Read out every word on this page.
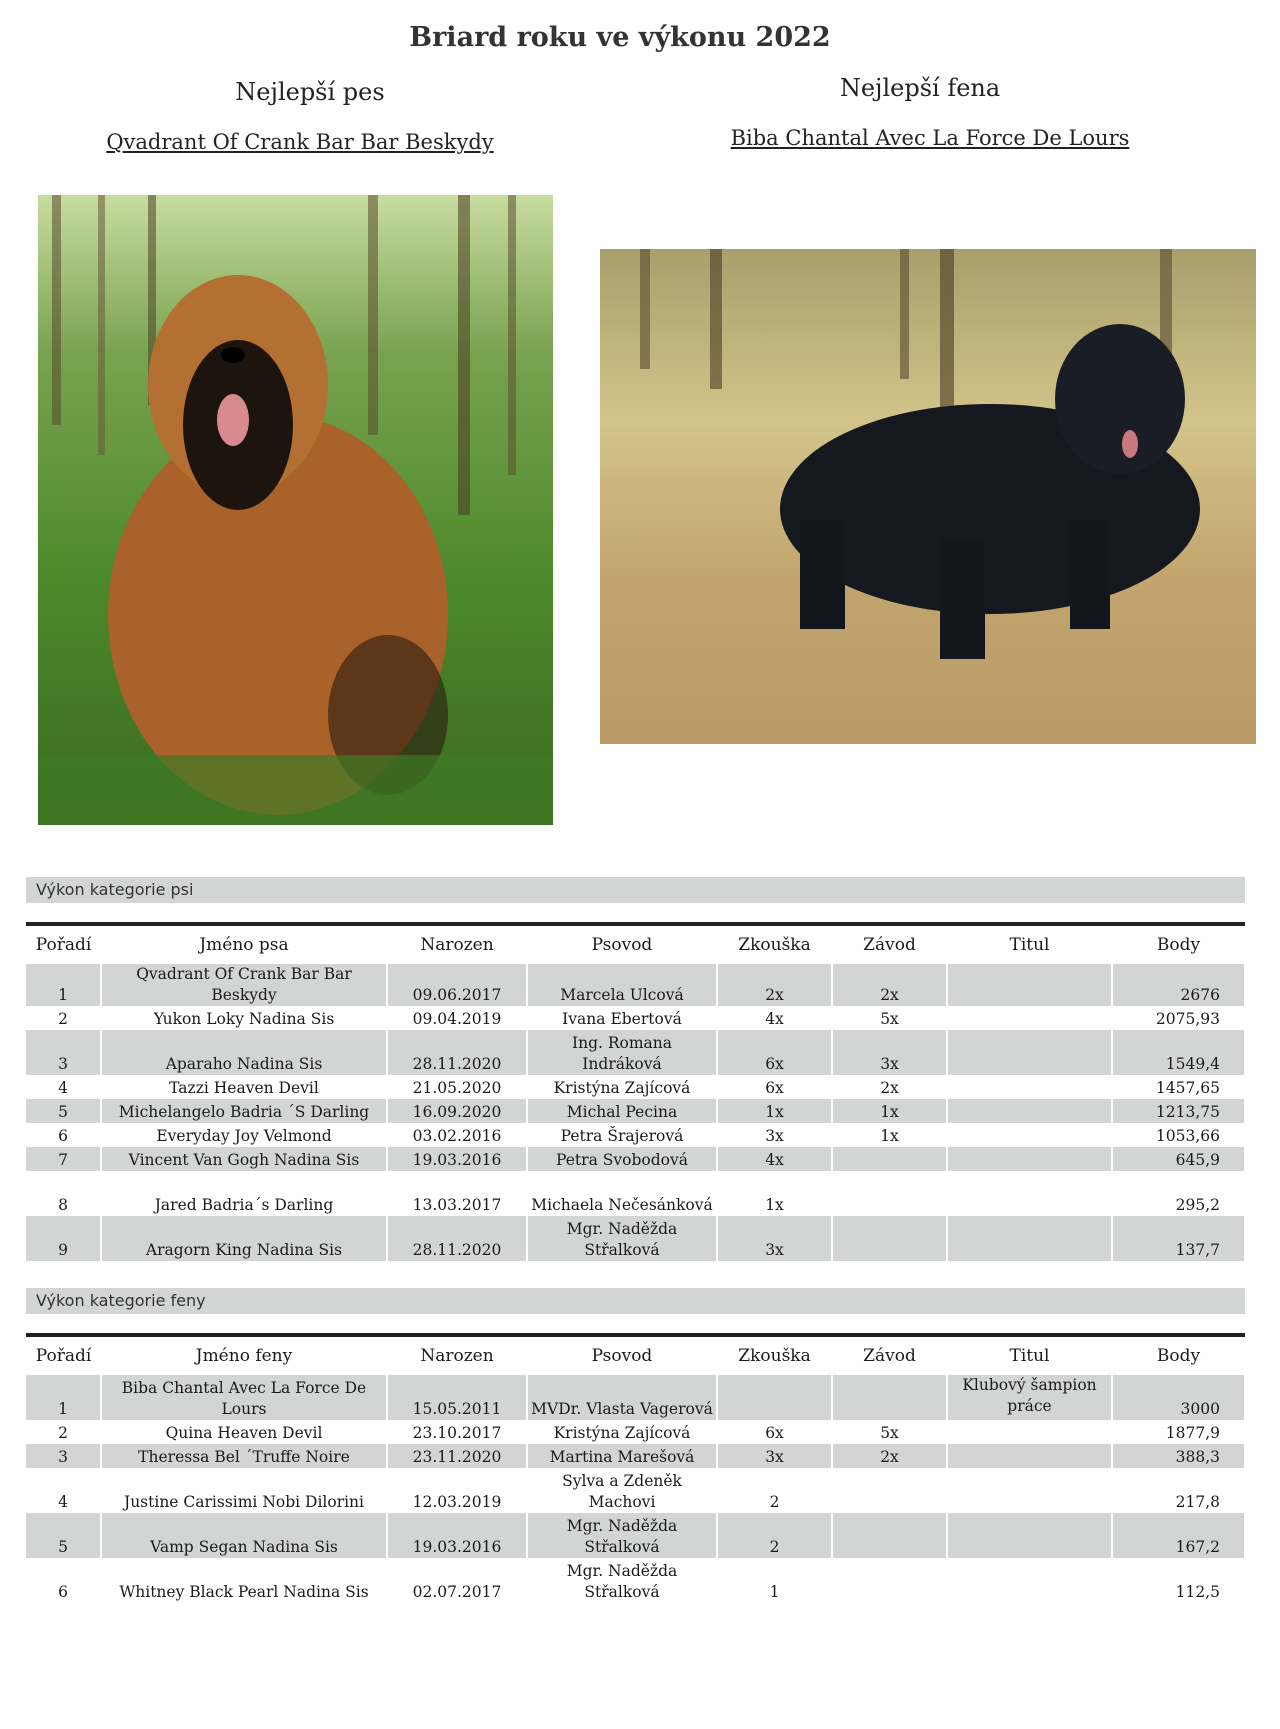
Briard roku ve výkonu 2022
Nejlepší pes
Qvadrant Of Crank Bar Bar Beskydy
Nejlepší fena
Biba Chantal Avec La Force De Lours
Výkon kategorie psi
Pořadí	Jméno psa	Narozen	Psovod	Zkouška	Závod	Titul	Body
1	Qvadrant Of Crank Bar Bar Beskydy	09.06.2017	Marcela Ulcová	2x	2x		2676
2	Yukon Loky Nadina Sis	09.04.2019	Ivana Ebertová	4x	5x		2075,93
3	Aparaho Nadina Sis	28.11.2020	Ing. Romana Indráková	6x	3x		1549,4
4	Tazzi Heaven Devil	21.05.2020	Kristýna Zajícová	6x	2x		1457,65
5	Michelangelo Badria ´S Darling	16.09.2020	Michal Pecina	1x	1x		1213,75
6	Everyday Joy Velmond	03.02.2016	Petra Šrajerová	3x	1x		1053,66
7	Vincent Van Gogh Nadina Sis	19.03.2016	Petra Svobodová	4x			645,9
8	Jared Badria´s Darling	13.03.2017	Michaela Nečesánková	1x			295,2
9	Aragorn King Nadina Sis	28.11.2020	Mgr. Naděžda Střalková	3x			137,7
Výkon kategorie feny
Pořadí	Jméno feny	Narozen	Psovod	Zkouška	Závod	Titul	Body
1	Biba Chantal Avec La Force De Lours	15.05.2011	MVDr. Vlasta Vagerová			Klubový šampion práce	3000
2	Quina Heaven Devil	23.10.2017	Kristýna Zajícová	6x	5x		1877,9
3	Theressa Bel ´Truffe Noire	23.11.2020	Martina Marešová	3x	2x		388,3
4	Justine Carissimi Nobi Dilorini	12.03.2019	Sylva a Zdeněk Machovi	2			217,8
5	Vamp Segan Nadina Sis	19.03.2016	Mgr. Naděžda Střalková	2			167,2
6	Whitney Black Pearl Nadina Sis	02.07.2017	Mgr. Naděžda Střalková	1			112,5
